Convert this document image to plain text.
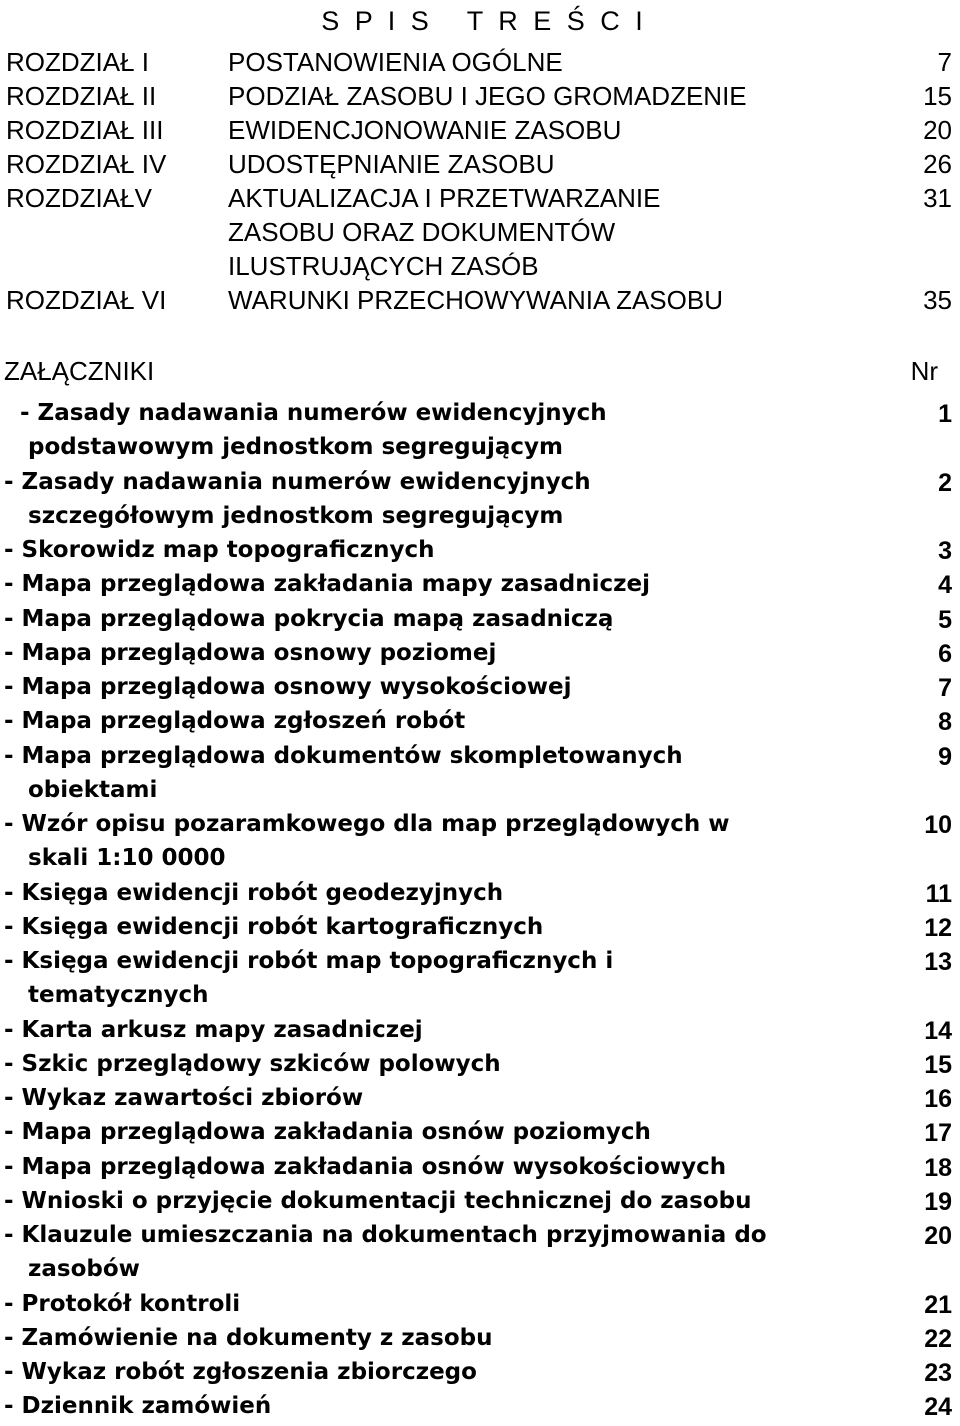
S P I S   T R E Ś C I
ROZDZIAŁ I	POSTANOWIENIA OGÓLNE	7
ROZDZIAŁ II	PODZIAŁ ZASOBU I JEGO GROMADZENIE	15
ROZDZIAŁ III EWIDENCJONOWANIE ZASOBU	20
ROZDZIAŁ IV UDOSTĘPNIANIE ZASOBU	26
ROZDZIAŁV	AKTUALIZACJA I PRZETWARZANIE
ZASOBU ORAZ DOKUMENTÓW
ILUSTRUJĄCYCH ZASÓB
31
ROZDZIAŁ VI WARUNKI PRZECHOWYWANIA ZASOBU	35
ZAŁĄCZNIKI	Nr
- Zasady nadawania numerów ewidencyjnych
podstawowym jednostkom segregującym
1
- Zasady nadawania numerów ewidencyjnych
szczegółowym jednostkom segregującym
2
- Skorowidz map topograficznych	3
- Mapa przeglądowa zakładania mapy zasadniczej	4
- Mapa przeglądowa pokrycia mapą zasadniczą	5
- Mapa przeglądowa osnowy poziomej	6
- Mapa przeglądowa osnowy wysokościowej	7
- Mapa przeglądowa zgłoszeń robót	8
- Mapa przeglądowa dokumentów skompletowanych
obiektami
9
- Wzór opisu pozaramkowego dla map przeglądowych w
skali 1:10 0000
10
- Księga ewidencji robót geodezyjnych	11
- Księga ewidencji robót kartograficznych	12
- Księga ewidencji robót map topograficznych i
tematycznych
13
- Karta arkusz mapy zasadniczej	14
- Szkic przeglądowy szkiców polowych	15
- Wykaz zawartości zbiorów	16
- Mapa przeglądowa zakładania osnów poziomych	17
- Mapa przeglądowa zakładania osnów wysokościowych	18
- Wnioski o przyjęcie dokumentacji technicznej do zasobu	19
- Klauzule umieszczania na dokumentach przyjmowania do
zasobów
20
- Protokół kontroli	21
- Zamówienie na dokumenty z zasobu	22
- Wykaz robót zgłoszenia zbiorczego	23
- Dziennik zamówień	24
